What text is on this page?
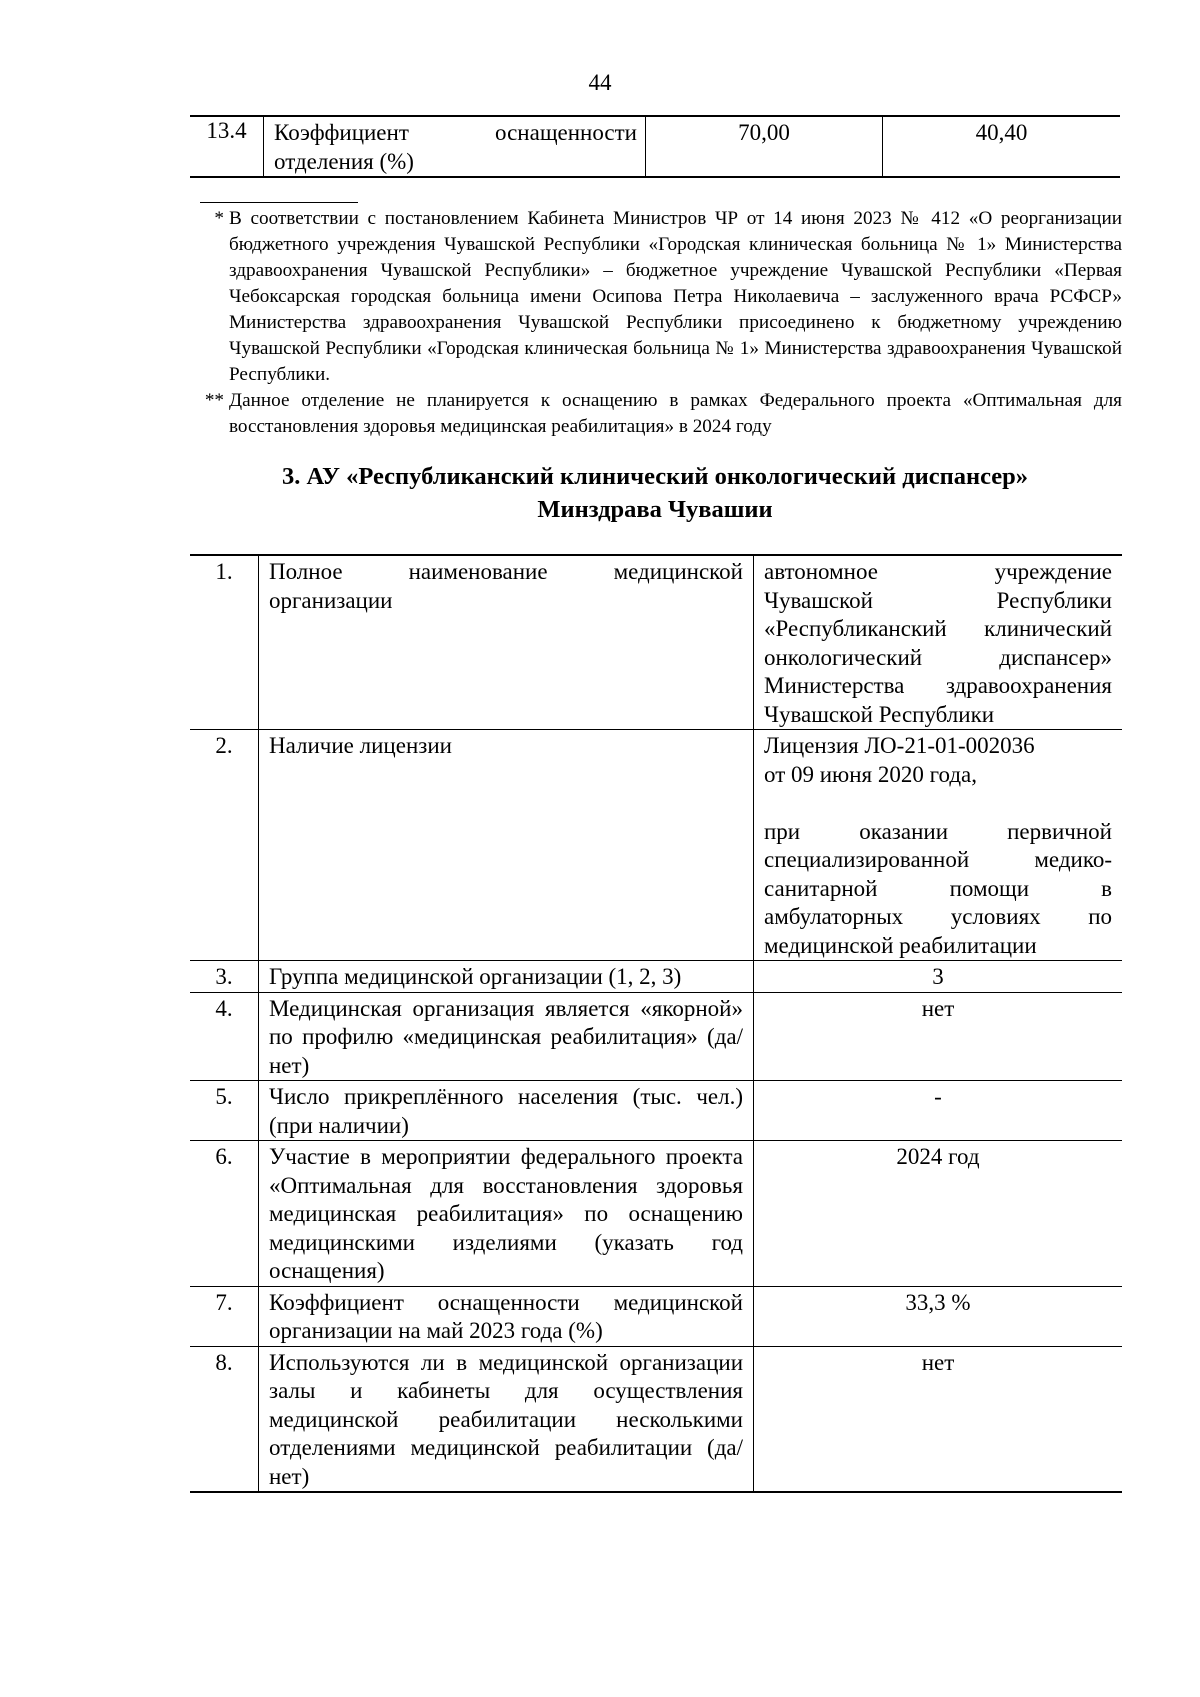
44
13.4	Коэффициент оснащенности отделения (%)	70,00	40,40
* В соответствии с постановлением Кабинета Министров ЧР от 14 июня 2023 № 412 «О реорганизации бюджетного учреждения Чувашской Республики «Городская клиническая больница № 1» Министерства здравоохранения Чувашской Республики» – бюджетное учреждение Чувашской Республики «Первая Чебоксарская городская больница имени Осипова Петра Николаевича – заслуженного врача РСФСР» Министерства здравоохранения Чувашской Республики присоединено к бюджетному учреждению Чувашской Республики «Городская клиническая больница № 1» Министерства здравоохранения Чувашской Республики.
** Данное отделение не планируется к оснащению в рамках Федерального проекта «Оптимальная для восстановления здоровья медицинская реабилитация» в 2024 году
3. АУ «Республиканский клинический онкологический диспансер»
Минздрава Чувашии
1.	Полное наименование медицинской организации	автономное учреждение Чувашской Республики «Республиканский клинический онкологический диспансер» Министерства здравоохранения Чувашской Республики
2.	Наличие лицензии	Лицензия ЛО-21-01-002036
от 09 июня 2020 года,
при оказании первичной специализированной медико-санитарной помощи в амбулаторных условиях по медицинской реабилитации

3.	Группа медицинской организации (1, 2, 3)	3
4.	Медицинская организация является «якорной» по профилю «медицинская реабилитация» (да/нет)	нет
5.	Число прикреплённого населения (тыс. чел.) (при наличии)	-
6.	Участие в мероприятии федерального проекта «Оптимальная для восстановления здоровья медицинская реабилитация» по оснащению медицинскими изделиями (указать год оснащения)	2024 год
7.	Коэффициент оснащенности медицинской организации на май 2023 года (%)	33,3 %
8.	Используются ли в медицинской организации залы и кабинеты для осуществления медицинской реабилитации несколькими отделениями медицинской реабилитации (да/нет)	нет
